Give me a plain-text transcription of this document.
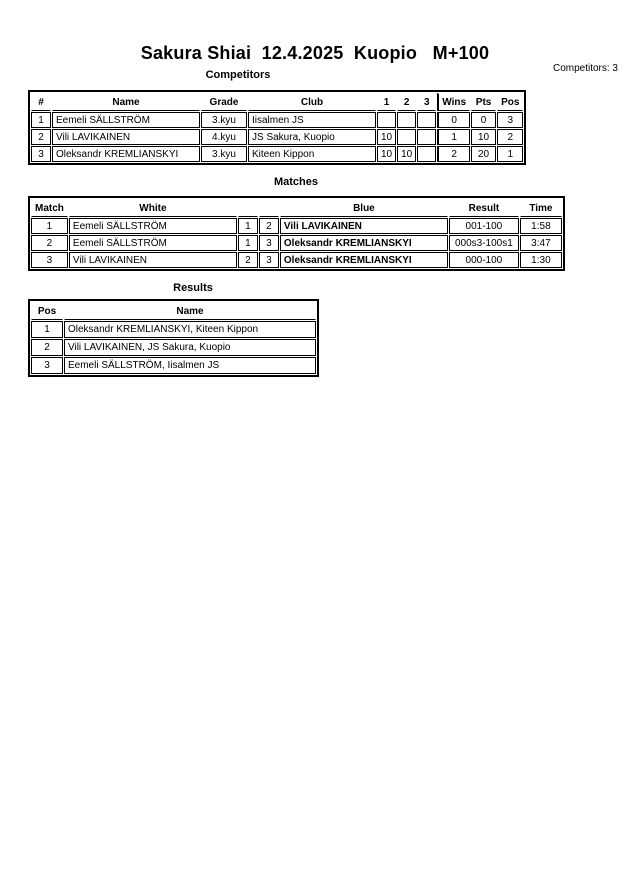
Sakura Shiai  12.4.2025  Kuopio   M+100
Competitors: 3
Competitors
#	Name	Grade	Club	1	2	3	Wins	Pts	Pos
1	Eemeli SÄLLSTRÖM	3.kyu	Iisalmen JS				0	0	3
2	Vili LAVIKAINEN	4.kyu	JS Sakura, Kuopio	10			1	10	2
3	Oleksandr KREMLIANSKYI	3.kyu	Kiteen Kippon	10	10		2	20	1
Matches
Match	White			Blue	Result	Time
1	Eemeli SÄLLSTRÖM	1	2	Vili LAVIKAINEN	001-100	1:58
2	Eemeli SÄLLSTRÖM	1	3	Oleksandr KREMLIANSKYI	000s3-100s1	3:47
3	Vili LAVIKAINEN	2	3	Oleksandr KREMLIANSKYI	000-100	1:30
Results
Pos	Name
1	Oleksandr KREMLIANSKYI, Kiteen Kippon
2	Vili LAVIKAINEN, JS Sakura, Kuopio
3	Eemeli SÄLLSTRÖM, Iisalmen JS
